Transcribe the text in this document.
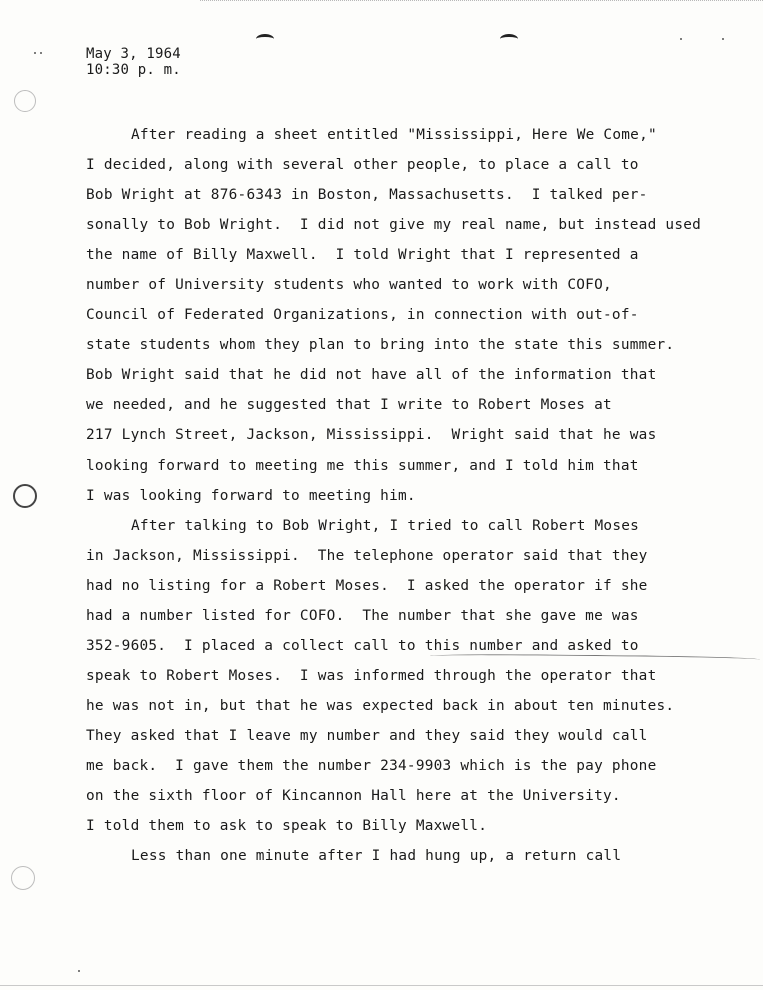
May 3, 1964
10:30 p. m.
After reading a sheet entitled "Mississippi, Here We Come,"
I decided, along with several other people, to place a call to
Bob Wright at 876-6343 in Boston, Massachusetts.  I talked per-
sonally to Bob Wright.  I did not give my real name, but instead used
the name of Billy Maxwell.  I told Wright that I represented a
number of University students who wanted to work with COFO,
Council of Federated Organizations, in connection with out-of-
state students whom they plan to bring into the state this summer.
Bob Wright said that he did not have all of the information that
we needed, and he suggested that I write to Robert Moses at
217 Lynch Street, Jackson, Mississippi.  Wright said that he was
looking forward to meeting me this summer, and I told him that
I was looking forward to meeting him.
After talking to Bob Wright, I tried to call Robert Moses
in Jackson, Mississippi.  The telephone operator said that they
had no listing for a Robert Moses.  I asked the operator if she
had a number listed for COFO.  The number that she gave me was
352-9605.  I placed a collect call to this number and asked to
speak to Robert Moses.  I was informed through the operator that
he was not in, but that he was expected back in about ten minutes.
They asked that I leave my number and they said they would call
me back.  I gave them the number 234-9903 which is the pay phone
on the sixth floor of Kincannon Hall here at the University.
I told them to ask to speak to Billy Maxwell.
Less than one minute after I had hung up, a return call
